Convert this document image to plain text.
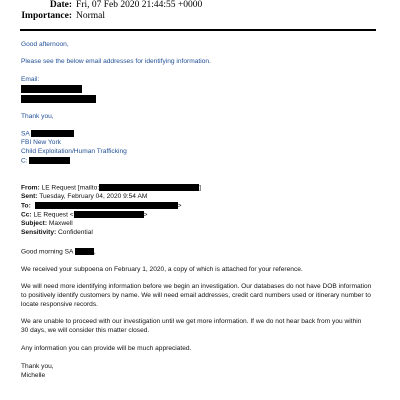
Date: Fri, 07 Feb 2020 21:44:55 +0000
Importance: Normal
Good afternoon,
Please see the below email addresses for identifying information.
Email:
Thank you,
SA
FBI New York
Child Exploitation/Human Trafficking
C:
From: LE Request [mailto:	]
Sent: Tuesday, February 04, 2020 9:54 AM
To:	>
Cc: LE Request <	>
Subject: Maxwell
Sensitivity: Confidential
Good morning SA	,
We received your subpoena on February 1, 2020, a copy of which is attached for your reference.
We will need more identifying information before we begin an investigation. Our databases do not have DOB information
to positively identify customers by name. We will need email addresses, credit card numbers used or itinerary number to
locate responsive records.
We are unable to proceed with our investigation until we get more information. If we do not hear back from you within
30 days, we will consider this matter closed.
Any information you can provide will be much appreciated.
Thank you,
Michelle
